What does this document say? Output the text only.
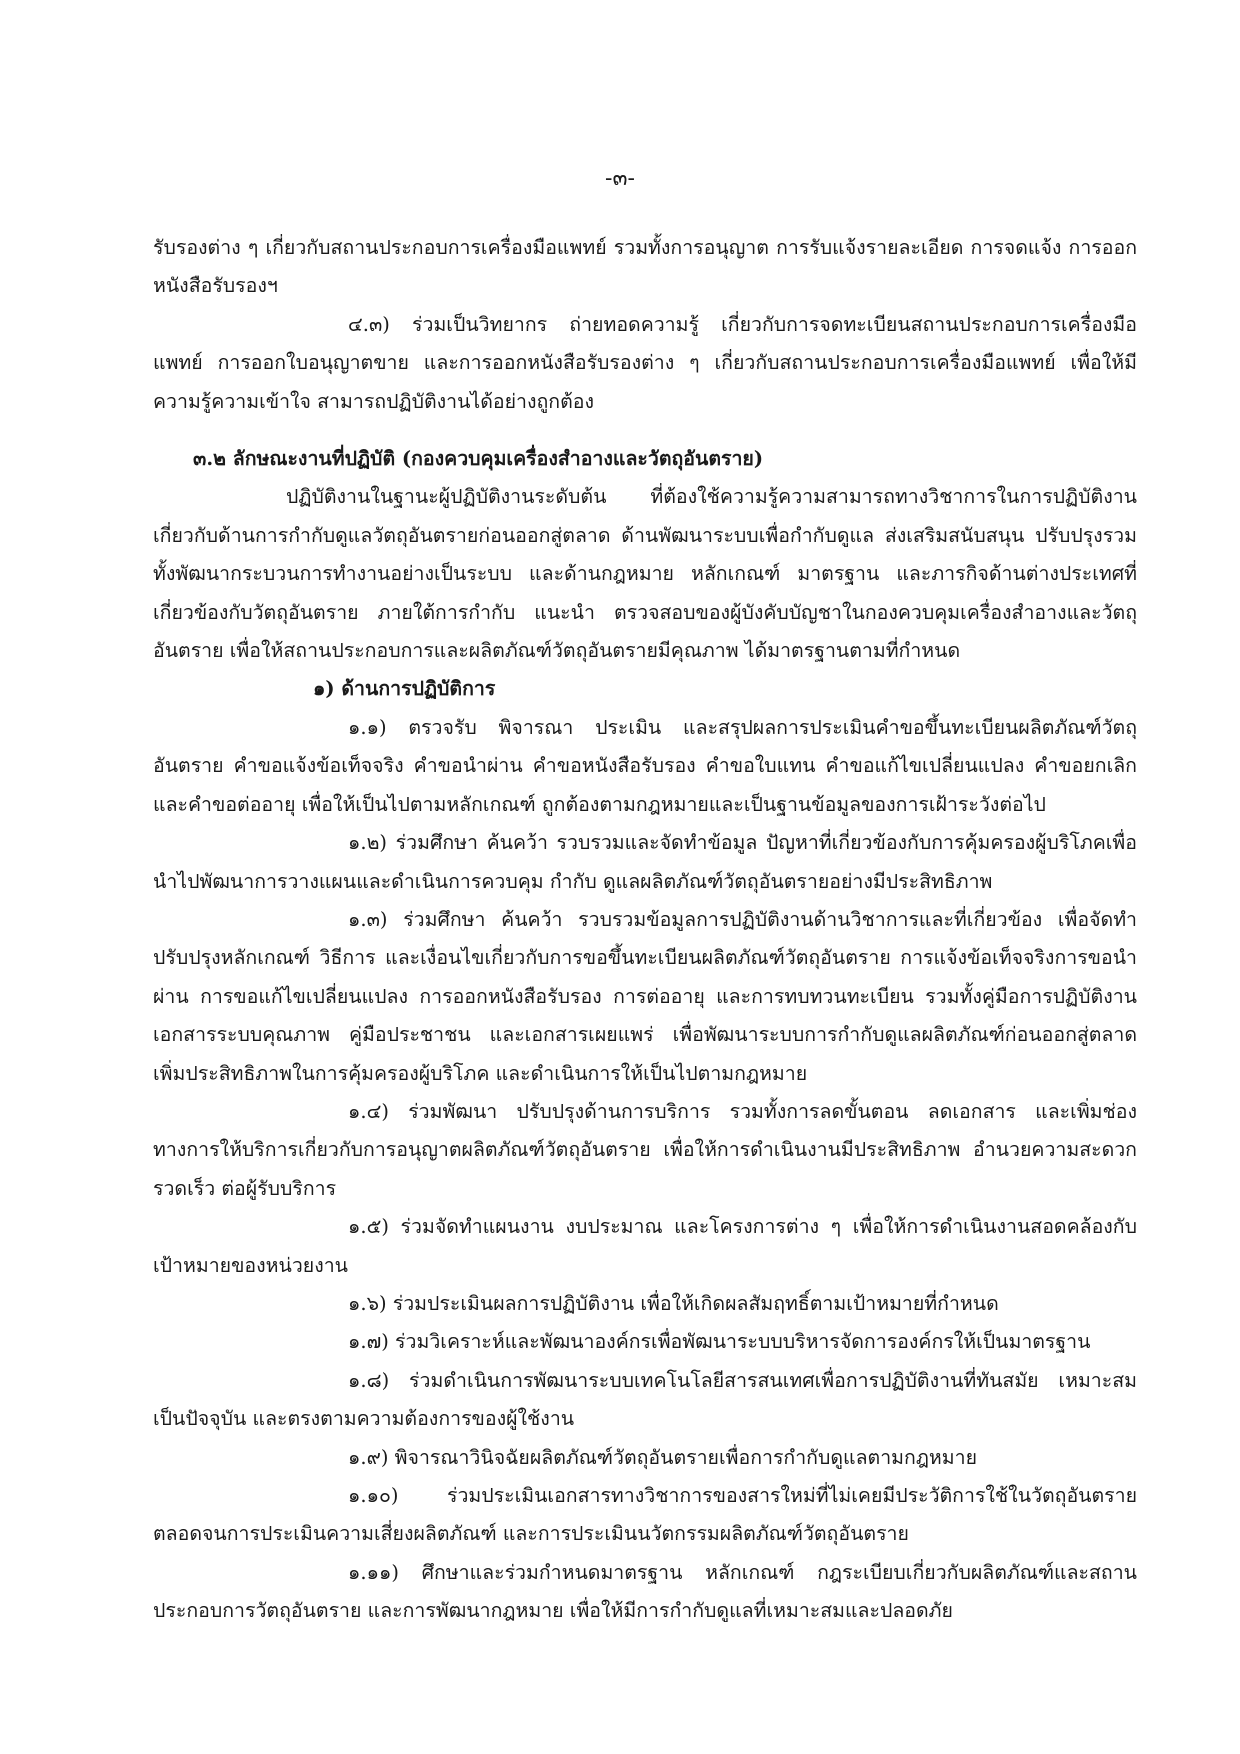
-๓-

รับรองต่าง ๆ เกี่ยวกับสถานประกอบการเครื่องมือแพทย์ รวมทั้งการอนุญาต การรับแจ้งรายละเอียด การจดแจ้ง การออกหนังสือรับรองฯ

๔.๓) ร่วมเป็นวิทยากร ถ่ายทอดความรู้ เกี่ยวกับการจดทะเบียนสถานประกอบการเครื่องมือแพทย์ การออกใบอนุญาตขาย และการออกหนังสือรับรองต่าง ๆ เกี่ยวกับสถานประกอบการเครื่องมือแพทย์ เพื่อให้มีความรู้ความเข้าใจ สามารถปฏิบัติงานได้อย่างถูกต้อง

๓.๒ ลักษณะงานที่ปฏิบัติ (กองควบคุมเครื่องสำอางและวัตถุอันตราย)

ปฏิบัติงานในฐานะผู้ปฏิบัติงานระดับต้น ที่ต้องใช้ความรู้ความสามารถทางวิชาการในการปฏิบัติงานเกี่ยวกับด้านการกำกับดูแลวัตถุอันตรายก่อนออกสู่ตลาด ด้านพัฒนาระบบเพื่อกำกับดูแล ส่งเสริมสนับสนุน ปรับปรุงรวมทั้งพัฒนากระบวนการทำงานอย่างเป็นระบบ และด้านกฎหมาย หลักเกณฑ์ มาตรฐาน และภารกิจด้านต่างประเทศที่เกี่ยวข้องกับวัตถุอันตราย ภายใต้การกำกับ แนะนำ ตรวจสอบของผู้บังคับบัญชาในกองควบคุมเครื่องสำอางและวัตถุอันตราย เพื่อให้สถานประกอบการและผลิตภัณฑ์วัตถุอันตรายมีคุณภาพ ได้มาตรฐานตามที่กำหนด

๑) ด้านการปฏิบัติการ

๑.๑) ตรวจรับ พิจารณา ประเมิน และสรุปผลการประเมินคำขอขึ้นทะเบียนผลิตภัณฑ์วัตถุอันตราย คำขอแจ้งข้อเท็จจริง คำขอนำผ่าน คำขอหนังสือรับรอง คำขอใบแทน คำขอแก้ไขเปลี่ยนแปลง คำขอยกเลิกและคำขอต่ออายุ เพื่อให้เป็นไปตามหลักเกณฑ์ ถูกต้องตามกฎหมายและเป็นฐานข้อมูลของการเฝ้าระวังต่อไป

๑.๒) ร่วมศึกษา ค้นคว้า รวบรวมและจัดทำข้อมูล ปัญหาที่เกี่ยวข้องกับการคุ้มครองผู้บริโภคเพื่อนำไปพัฒนาการวางแผนและดำเนินการควบคุม กำกับ ดูแลผลิตภัณฑ์วัตถุอันตรายอย่างมีประสิทธิภาพ

๑.๓) ร่วมศึกษา ค้นคว้า รวบรวมข้อมูลการปฏิบัติงานด้านวิชาการและที่เกี่ยวข้อง เพื่อจัดทำปรับปรุงหลักเกณฑ์ วิธีการ และเงื่อนไขเกี่ยวกับการขอขึ้นทะเบียนผลิตภัณฑ์วัตถุอันตราย การแจ้งข้อเท็จจริงการขอนำผ่าน การขอแก้ไขเปลี่ยนแปลง การออกหนังสือรับรอง การต่ออายุ และการทบทวนทะเบียน รวมทั้งคู่มือการปฏิบัติงาน เอกสารระบบคุณภาพ คู่มือประชาชน และเอกสารเผยแพร่ เพื่อพัฒนาระบบการกำกับดูแลผลิตภัณฑ์ก่อนออกสู่ตลาด เพิ่มประสิทธิภาพในการคุ้มครองผู้บริโภค และดำเนินการให้เป็นไปตามกฎหมาย

๑.๔) ร่วมพัฒนา ปรับปรุงด้านการบริการ รวมทั้งการลดขั้นตอน ลดเอกสาร และเพิ่มช่องทางการให้บริการเกี่ยวกับการอนุญาตผลิตภัณฑ์วัตถุอันตราย เพื่อให้การดำเนินงานมีประสิทธิภาพ อำนวยความสะดวกรวดเร็ว ต่อผู้รับบริการ

๑.๕) ร่วมจัดทำแผนงาน งบประมาณ และโครงการต่าง ๆ เพื่อให้การดำเนินงานสอดคล้องกับเป้าหมายของหน่วยงาน

๑.๖) ร่วมประเมินผลการปฏิบัติงาน เพื่อให้เกิดผลสัมฤทธิ์ตามเป้าหมายที่กำหนด

๑.๗) ร่วมวิเคราะห์และพัฒนาองค์กรเพื่อพัฒนาระบบบริหารจัดการองค์กรให้เป็นมาตรฐาน

๑.๘) ร่วมดำเนินการพัฒนาระบบเทคโนโลยีสารสนเทศเพื่อการปฏิบัติงานที่ทันสมัย เหมาะสมเป็นปัจจุบัน และตรงตามความต้องการของผู้ใช้งาน

๑.๙) พิจารณาวินิจฉัยผลิตภัณฑ์วัตถุอันตรายเพื่อการกำกับดูแลตามกฎหมาย

๑.๑๐) ร่วมประเมินเอกสารทางวิชาการของสารใหม่ที่ไม่เคยมีประวัติการใช้ในวัตถุอันตรายตลอดจนการประเมินความเสี่ยงผลิตภัณฑ์ และการประเมินนวัตกรรมผลิตภัณฑ์วัตถุอันตราย

๑.๑๑) ศึกษาและร่วมกำหนดมาตรฐาน หลักเกณฑ์ กฎระเบียบเกี่ยวกับผลิตภัณฑ์และสถานประกอบการวัตถุอันตราย และการพัฒนากฎหมาย เพื่อให้มีการกำกับดูแลที่เหมาะสมและปลอดภัย
